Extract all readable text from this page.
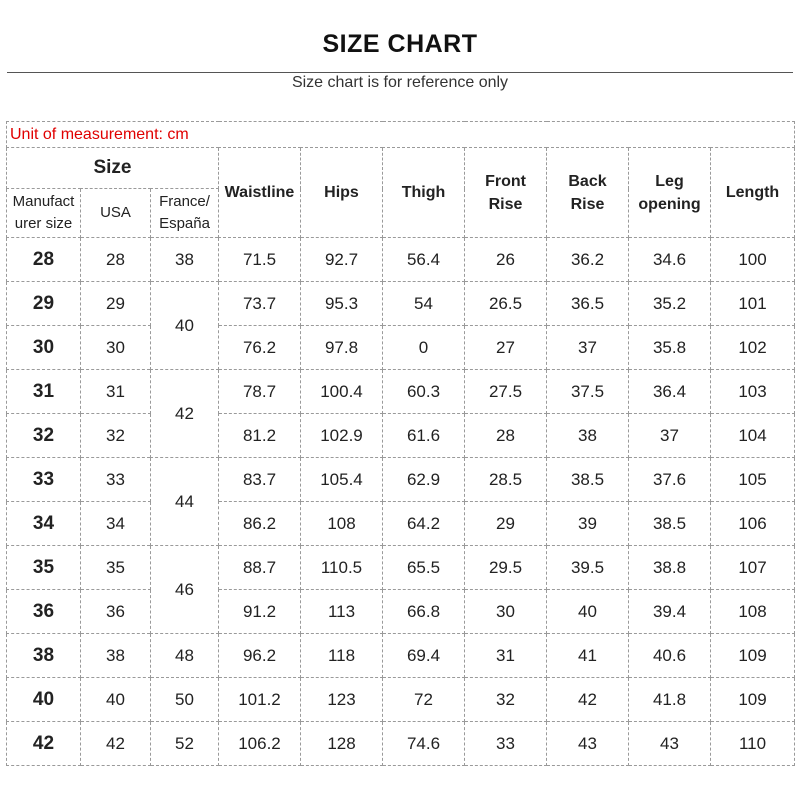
SIZE CHART
Size chart is for reference only
Unit of measurement: cm									
Size			Waistline	Hips	Thigh	Front Rise	Back Rise	Leg opening	Length
Manufact urer size	USA	France/ España							
28	28	38	71.5	92.7	56.4	26	36.2	34.6	100
29	29	40	73.7	95.3	54	26.5	36.5	35.2	101
30	30		76.2	97.8	0	27	37	35.8	102
31	31	42	78.7	100.4	60.3	27.5	37.5	36.4	103
32	32		81.2	102.9	61.6	28	38	37	104
33	33	44	83.7	105.4	62.9	28.5	38.5	37.6	105
34	34		86.2	108	64.2	29	39	38.5	106
35	35	46	88.7	110.5	65.5	29.5	39.5	38.8	107
36	36		91.2	113	66.8	30	40	39.4	108
38	38	48	96.2	118	69.4	31	41	40.6	109
40	40	50	101.2	123	72	32	42	41.8	109
42	42	52	106.2	128	74.6	33	43	43	110
